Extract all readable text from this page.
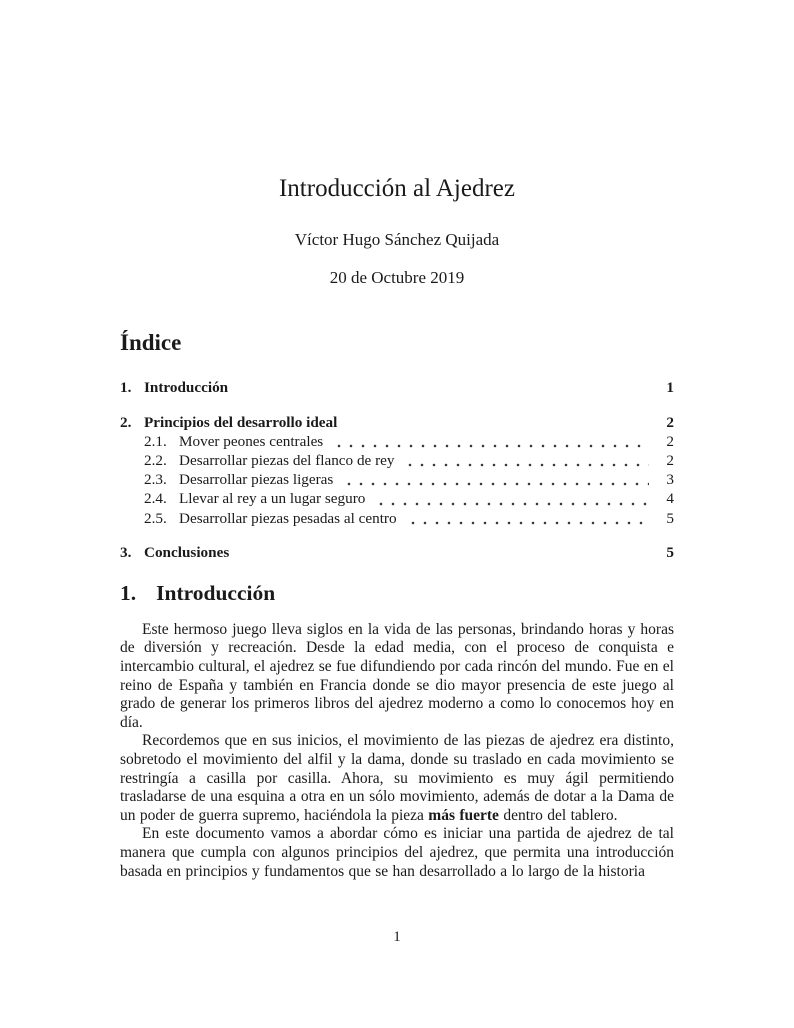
Introducción al Ajedrez
Víctor Hugo Sánchez Quijada
20 de Octubre 2019
Índice
1. Introducción	1
2. Principios del desarrollo ideal	2
2.1. Mover peones centrales	2
2.2. Desarrollar piezas del flanco de rey	2
2.3. Desarrollar piezas ligeras	3
2.4. Llevar al rey a un lugar seguro	4
2.5. Desarrollar piezas pesadas al centro	5
3. Conclusiones	5
1. Introducción

Este hermoso juego lleva siglos en la vida de las personas, brindando horas y horas de diversión y recreación. Desde la edad media, con el proceso de conquista e intercambio cultural, el ajedrez se fue difundiendo por cada rincón del mundo. Fue en el reino de España y también en Francia donde se dio mayor presencia de este juego al grado de generar los primeros libros del ajedrez moderno a como lo conocemos hoy en día.

Recordemos que en sus inicios, el movimiento de las piezas de ajedrez era distinto, sobretodo el movimiento del alfil y la dama, donde su traslado en cada movimiento se restringía a casilla por casilla. Ahora, su movimiento es muy ágil permitiendo trasladarse de una esquina a otra en un sólo movimiento, además de dotar a la Dama de un poder de guerra supremo, haciéndola la pieza más fuerte dentro del tablero.

En este documento vamos a abordar cómo es iniciar una partida de ajedrez de tal manera que cumpla con algunos principios del ajedrez, que permita una introducción basada en principios y fundamentos que se han desarrollado a lo largo de la historia

1
